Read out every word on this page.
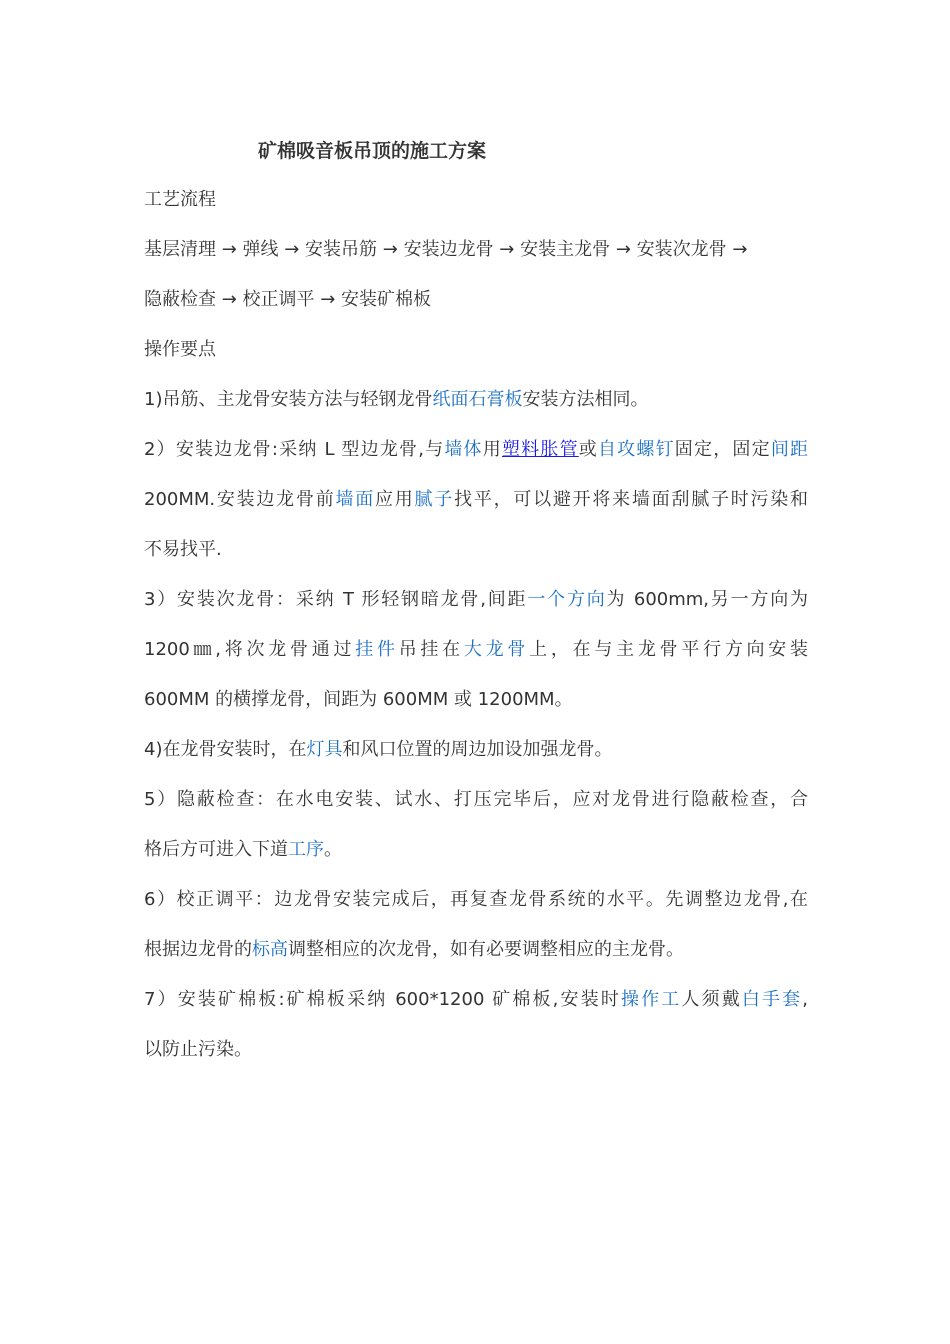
矿棉吸音板吊顶的施工方案
工艺流程
基层清理 → 弹线 → 安装吊筋 → 安装边龙骨 → 安装主龙骨 → 安装次龙骨 →
隐蔽检查 → 校正调平 → 安装矿棉板
操作要点
1)吊筋、主龙骨安装方法与轻钢龙骨纸面石膏板安装方法相同。
2）安装边龙骨:采纳 L 型边龙骨,与墙体用塑料胀管或自攻螺钉固定，固定间距
200MM.安装边龙骨前墙面应用腻子找平，可以避开将来墙面刮腻子时污染和
不易找平.
3）安装次龙骨：采纳 T 形轻钢暗龙骨,间距一个方向为 600mm,另一方向为
1200㎜,将次龙骨通过挂件吊挂在大龙骨上，在与主龙骨平行方向安装
600MM 的横撑龙骨，间距为 600MM 或 1200MM。
4)在龙骨安装时，在灯具和风口位置的周边加设加强龙骨。
5）隐蔽检查：在水电安装、试水、打压完毕后，应对龙骨进行隐蔽检查，合
格后方可进入下道工序。
6）校正调平：边龙骨安装完成后，再复查龙骨系统的水平。先调整边龙骨,在
根据边龙骨的标高调整相应的次龙骨，如有必要调整相应的主龙骨。
7）安装矿棉板:矿棉板采纳 600*1200 矿棉板,安装时操作工人须戴白手套,
以防止污染。
